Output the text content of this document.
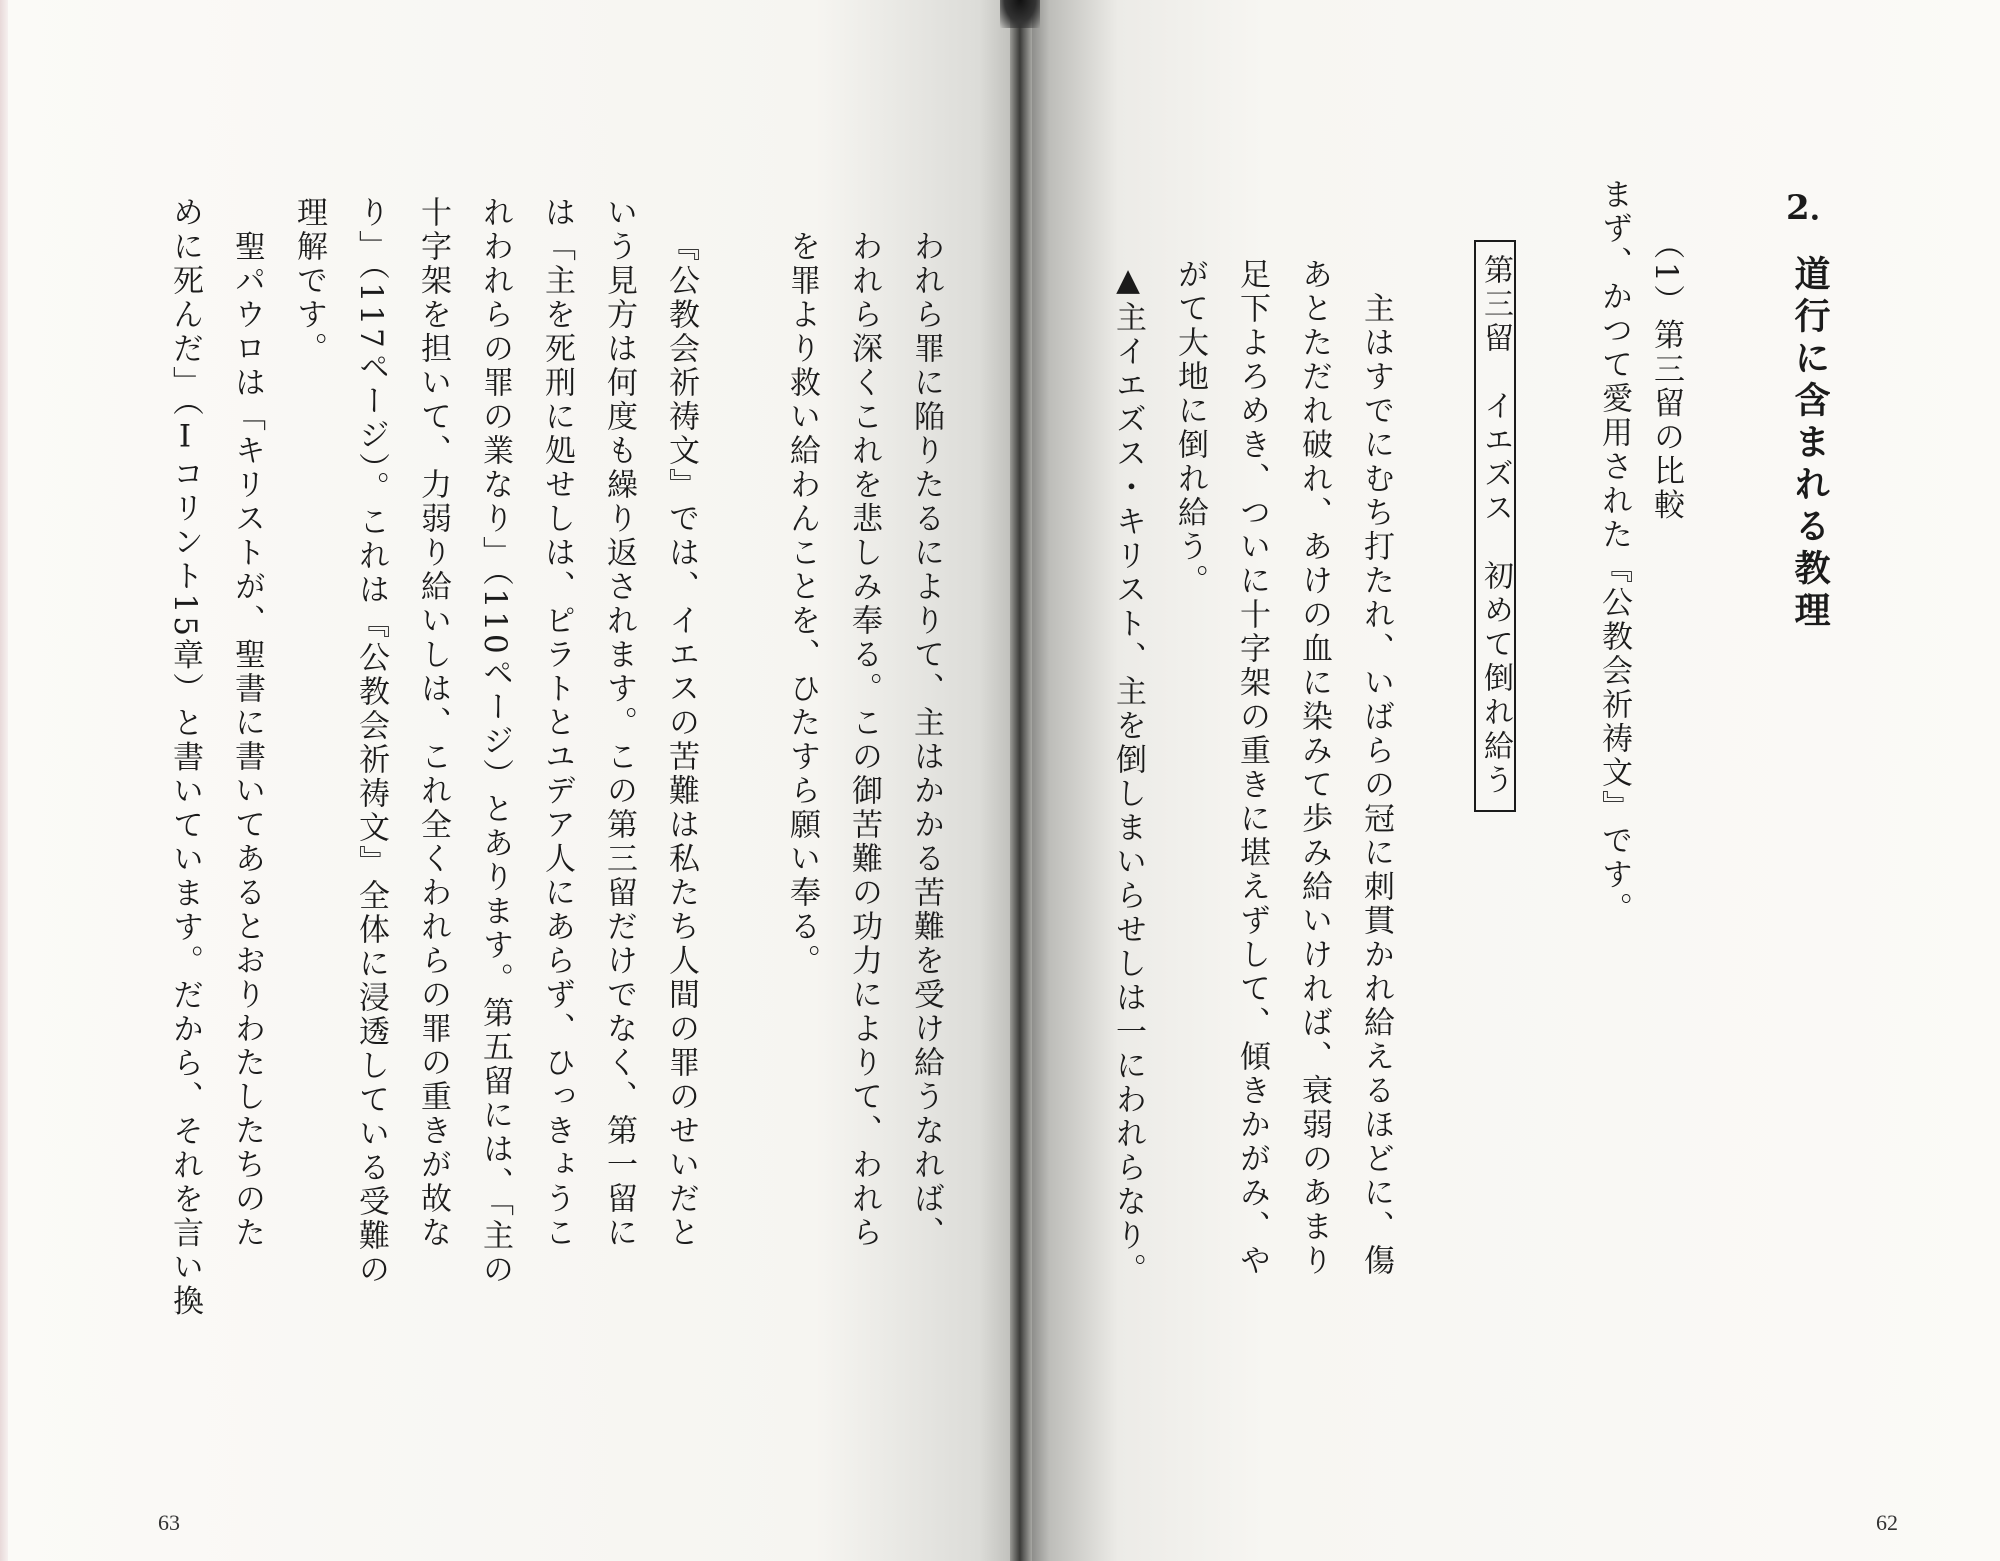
2．
道行に含まれる教理
（1）第三留の比較
まず、かつて愛用された『公教会祈祷文』です。
第三留　イエズス　初めて倒れ給う
主はすでにむち打たれ、いばらの冠に刺貫かれ給えるほどに、傷
あとただれ破れ、あけの血に染みて歩み給いければ、衰弱のあまり
足下よろめき、ついに十字架の重きに堪えずして、傾きかがみ、や
がて大地に倒れ給う。
▲主イエズス・キリスト、主を倒しまいらせしは一にわれらなり。
62
われら罪に陥りたるによりて、主はかかる苦難を受け給うなれば、
われら深くこれを悲しみ奉る。この御苦難の功力によりて、われら
を罪より救い給わんことを、ひたすら願い奉る。
『公教会祈祷文』では、イエスの苦難は私たち人間の罪のせいだと
いう見方は何度も繰り返されます。この第三留だけでなく、第一留に
は「主を死刑に処せしは、ピラトとユデア人にあらず、ひっきょうこ
れわれらの罪の業なり」（110ページ）とあります。第五留には、「主の
十字架を担いて、力弱り給いしは、これ全くわれらの罪の重きが故な
り」（117ページ）。これは『公教会祈祷文』全体に浸透している受難の
理解です。
聖パウロは「キリストが、聖書に書いてあるとおりわたしたちのた
めに死んだ」（Ⅰコリント15章）と書いています。だから、それを言い換
63
